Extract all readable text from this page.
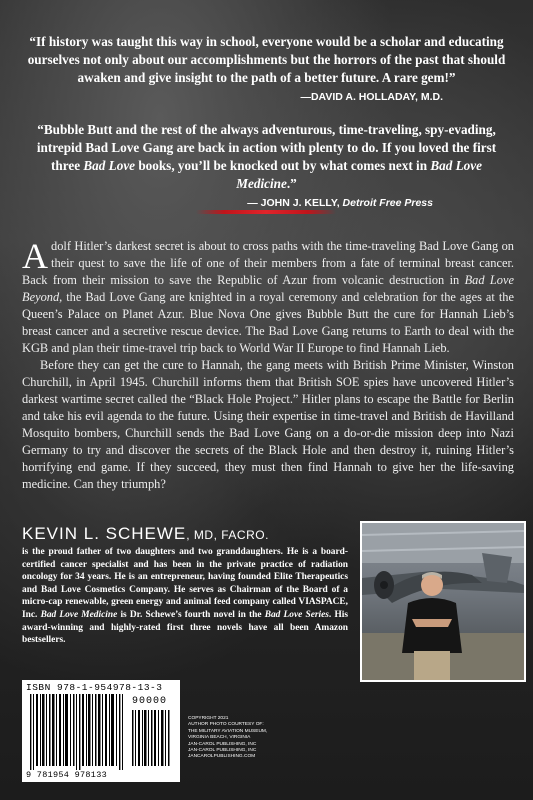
“If history was taught this way in school, everyone would be a scholar and educating ourselves not only about our accomplishments but the horrors of the past that should awaken and give insight to the path of a better future. A rare gem!”
—DAVID A. HOLLADAY, M.D.
“Bubble Butt and the rest of the always adventurous, time-traveling, spy-evading, intrepid Bad Love Gang are back in action with plenty to do. If you loved the first three Bad Love books, you’ll be knocked out by what comes next in Bad Love Medicine.”
— JOHN J. KELLY, Detroit Free Press

Adolf Hitler’s darkest secret is about to cross paths with the time-traveling Bad Love Gang on their quest to save the life of one of their members from a fate of terminal breast cancer. Back from their mission to save the Republic of Azur from volcanic destruction in Bad Love Beyond, the Bad Love Gang are knighted in a royal ceremony and celebration for the ages at the Queen’s Palace on Planet Azur. Blue Nova One gives Bubble Butt the cure for Hannah Lieb’s breast cancer and a secretive rescue device. The Bad Love Gang returns to Earth to deal with the KGB and plan their time-travel trip back to World War II Europe to find Hannah Lieb.

Before they can get the cure to Hannah, the gang meets with British Prime Minister, Winston Churchill, in April 1945. Churchill informs them that British SOE spies have uncovered Hitler’s darkest wartime secret called the “Black Hole Project.” Hitler plans to escape the Battle for Berlin and take his evil agenda to the future. Using their expertise in time-travel and British de Havilland Mosquito bombers, Churchill sends the Bad Love Gang on a do-or-die mission deep into Nazi Germany to try and discover the secrets of the Black Hole and then destroy it, ruining Hitler’s horrifying end game. If they succeed, they must then find Hannah to give her the life-saving medicine. Can they triumph?

KEVIN L. SCHEWE, MD, FACRO.
is the proud father of two daughters and two granddaughters. He is a board-certified cancer specialist and has been in the private practice of radiation oncology for 34 years. He is an entrepreneur, having founded Elite Therapeutics and Bad Love Cosmetics Company. He serves as Chairman of the Board of a micro-cap renewable, green energy and animal feed company called VIASPACE, Inc. Bad Love Medicine is Dr. Schewe’s fourth novel in the Bad Love Series. His award-winning and highly-rated first three novels have all been Amazon bestsellers.
ISBN 978-1-954978-13-3
90000
9 781954 978133
COPYRIGHT 2021
AUTHOR PHOTO COURTESY OF:
THE MILITARY AVIATION MUSEUM,
VIRGINIA BEACH, VIRGINIA
JAN-CAROL PUBLISHING, INC
JAN-CAROL PUBLISHING, INC
JANCAROLPUBLISHING.COM
